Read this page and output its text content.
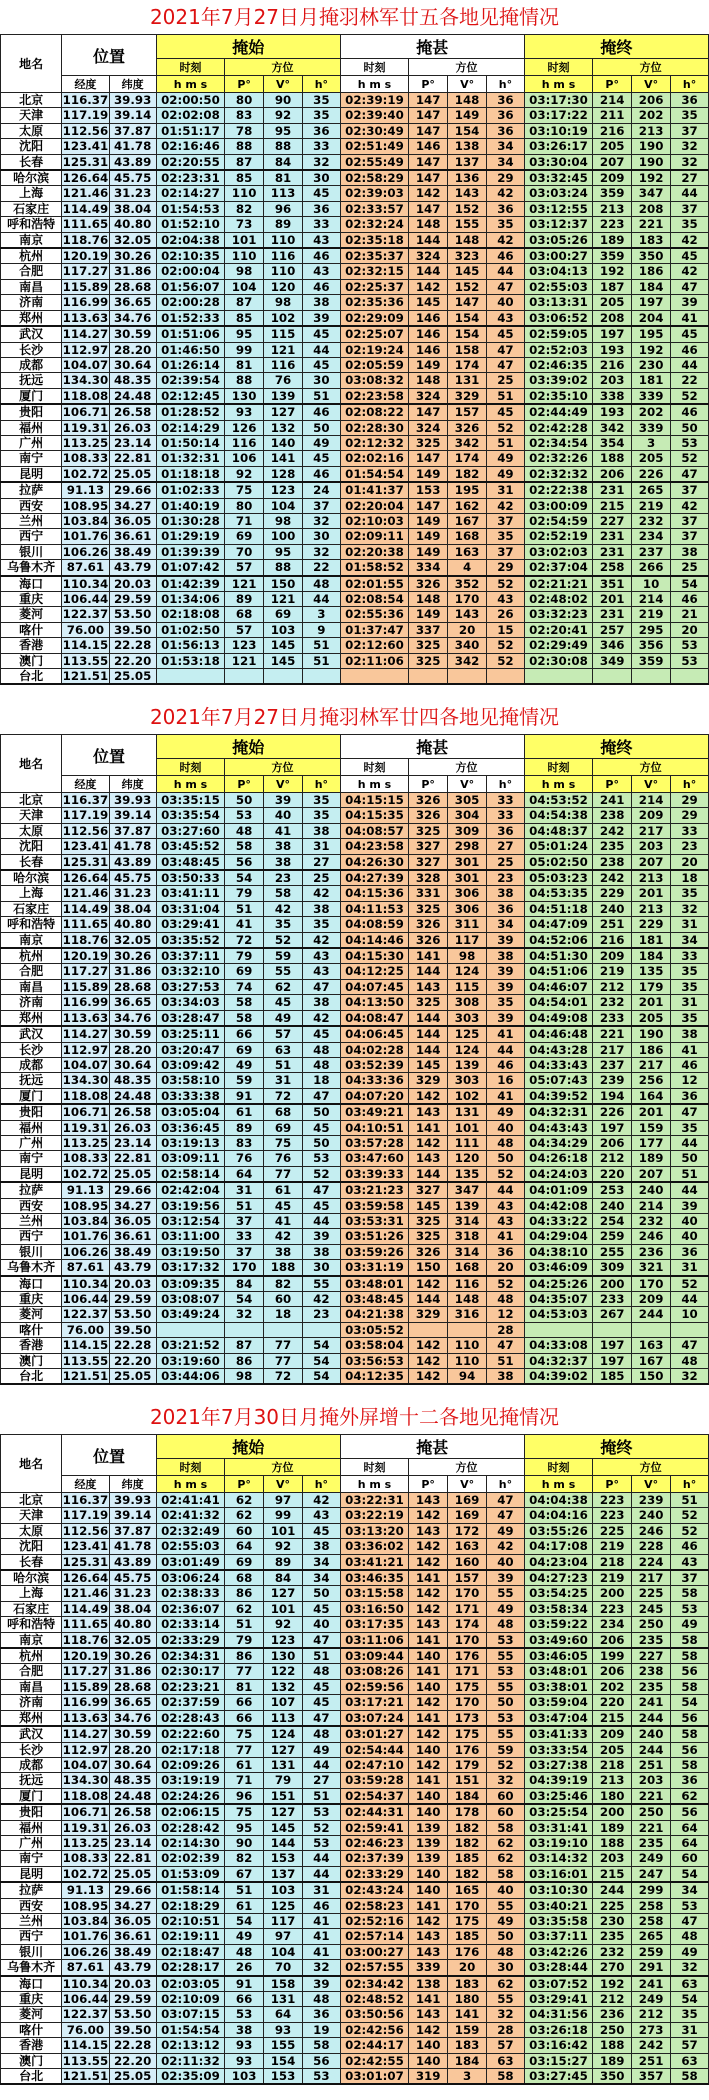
2021年7月27日月掩羽林军廿五各地见掩情况
地名	位置		掩始				掩甚				掩终			
			时刻	方位			时刻	方位			时刻	方位		
	经度	纬度	h m s	P°	V°	h°	h m s	P°	V°	h°	h m s	P°	V°	h°
北京	116.37	39.93	02:00:50	80	90	35	02:39:19	147	148	36	03:17:30	214	206	36
天津	117.19	39.14	02:02:08	83	92	35	02:39:40	147	149	36	03:17:22	211	202	35
太原	112.56	37.87	01:51:17	78	95	36	02:30:49	147	154	36	03:10:19	216	213	37
沈阳	123.41	41.78	02:16:46	88	88	33	02:51:49	146	138	34	03:26:17	205	190	32
长春	125.31	43.89	02:20:55	87	84	32	02:55:49	147	137	34	03:30:04	207	190	32
哈尔滨	126.64	45.75	02:23:31	85	81	30	02:58:29	147	136	29	03:32:45	209	192	27
上海	121.46	31.23	02:14:27	110	113	45	02:39:03	142	143	42	03:03:24	359	347	44
石家庄	114.49	38.04	01:54:53	82	96	36	02:33:57	147	152	36	03:12:55	213	208	37
呼和浩特	111.65	40.80	01:52:10	73	89	33	02:32:24	148	155	35	03:12:37	223	221	35
南京	118.76	32.05	02:04:38	101	110	43	02:35:18	144	148	42	03:05:26	189	183	42
杭州	120.19	30.26	02:10:35	110	116	46	02:35:37	324	323	46	03:00:27	359	350	45
合肥	117.27	31.86	02:00:04	98	110	43	02:32:15	144	145	44	03:04:13	192	186	42
南昌	115.89	28.68	01:56:07	104	120	46	02:25:37	142	152	47	02:55:03	187	184	47
济南	116.99	36.65	02:00:28	87	98	38	02:35:36	145	147	40	03:13:31	205	197	39
郑州	113.63	34.76	01:52:33	85	102	39	02:29:09	146	154	43	03:06:52	208	204	41
武汉	114.27	30.59	01:51:06	95	115	45	02:25:07	146	154	45	02:59:05	197	195	45
长沙	112.97	28.20	01:46:50	99	121	44	02:19:24	146	158	47	02:52:03	193	192	46
成都	104.07	30.64	01:26:14	81	116	45	02:05:59	149	174	47	02:46:35	216	230	44
抚远	134.30	48.35	02:39:54	88	76	30	03:08:32	148	131	25	03:39:02	203	181	22
厦门	118.08	24.48	02:12:45	130	139	51	02:23:58	324	329	51	02:35:10	338	339	52
贵阳	106.71	26.58	01:28:52	93	127	46	02:08:22	147	157	45	02:44:49	193	202	46
福州	119.31	26.03	02:14:29	126	132	50	02:28:30	324	326	52	02:42:28	342	339	50
广州	113.25	23.14	01:50:14	116	140	49	02:12:32	325	342	51	02:34:54	354	3	53
南宁	108.33	22.81	01:32:31	106	141	45	02:02:16	147	174	49	02:32:26	188	205	52
昆明	102.72	25.05	01:18:18	92	128	46	01:54:54	149	182	49	02:32:32	206	226	47
拉萨	91.13	29.66	01:02:33	75	123	24	01:41:37	153	195	31	02:22:38	231	265	37
西安	108.95	34.27	01:40:19	80	104	37	02:20:04	147	162	42	03:00:09	215	219	42
兰州	103.84	36.05	01:30:28	71	98	32	02:10:03	149	167	37	02:54:59	227	232	37
西宁	101.76	36.61	01:29:19	69	100	30	02:09:11	149	168	35	02:52:19	231	234	37
银川	106.26	38.49	01:39:39	70	95	32	02:20:38	149	163	37	03:02:03	231	237	38
乌鲁木齐	87.61	43.79	01:07:42	57	88	22	01:58:52	334	4	29	02:37:04	258	266	25
海口	110.34	20.03	01:42:39	121	150	48	02:01:55	326	352	52	02:21:21	351	10	54
重庆	106.44	29.59	01:34:06	89	121	44	02:08:54	148	170	43	02:48:02	201	214	46
菱河	122.37	53.50	02:18:08	68	69	3	02:55:36	149	143	26	03:32:23	231	219	21
喀什	76.00	39.50	01:02:50	57	103	9	01:37:47	337	20	15	02:20:41	257	295	20
香港	114.15	22.28	01:56:13	123	145	51	02:12:60	325	340	52	02:29:49	346	356	53
澳门	113.55	22.20	01:53:18	121	145	51	02:11:06	325	342	52	02:30:08	349	359	53
台北	121.51	25.05												
2021年7月27日月掩羽林军廿四各地见掩情况
地名	位置		掩始				掩甚				掩终			
			时刻	方位			时刻	方位			时刻	方位		
	经度	纬度	h m s	P°	V°	h°	h m s	P°	V°	h°	h m s	P°	V°	h°
北京	116.37	39.93	03:35:15	50	39	35	04:15:15	326	305	33	04:53:52	241	214	29
天津	117.19	39.14	03:35:54	53	40	35	04:15:35	326	304	33	04:54:38	238	209	29
太原	112.56	37.87	03:27:60	48	41	38	04:08:57	325	309	36	04:48:37	242	217	33
沈阳	123.41	41.78	03:45:52	58	38	31	04:23:58	327	298	27	05:01:24	235	203	23
长春	125.31	43.89	03:48:45	56	38	27	04:26:30	327	301	25	05:02:50	238	207	20
哈尔滨	126.64	45.75	03:50:33	54	23	25	04:27:39	328	301	23	05:03:23	242	213	18
上海	121.46	31.23	03:41:11	79	58	42	04:15:36	331	306	38	04:53:35	229	201	35
石家庄	114.49	38.04	03:31:04	51	42	38	04:11:53	325	306	36	04:51:18	240	213	32
呼和浩特	111.65	40.80	03:29:41	41	35	35	04:08:59	326	311	34	04:47:09	251	229	31
南京	118.76	32.05	03:35:52	72	52	42	04:14:46	326	117	39	04:52:06	216	181	34
杭州	120.19	30.26	03:37:11	79	59	43	04:15:30	141	98	38	04:51:30	209	184	33
合肥	117.27	31.86	03:32:10	69	55	43	04:12:25	144	124	39	04:51:06	219	135	35
南昌	115.89	28.68	03:27:53	74	62	47	04:07:45	143	115	39	04:46:07	212	179	35
济南	116.99	36.65	03:34:03	58	45	38	04:13:50	325	308	35	04:54:01	232	201	31
郑州	113.63	34.76	03:28:47	58	49	42	04:08:47	144	303	39	04:49:08	233	205	35
武汉	114.27	30.59	03:25:11	66	57	45	04:06:45	144	125	41	04:46:48	221	190	38
长沙	112.97	28.20	03:20:47	69	63	48	04:02:28	144	124	44	04:43:28	217	186	41
成都	104.07	30.64	03:09:42	49	51	48	03:52:39	145	139	46	04:33:43	237	217	46
抚远	134.30	48.35	03:58:10	59	31	18	04:33:36	329	303	16	05:07:43	239	256	12
厦门	118.08	24.48	03:33:38	91	72	47	04:07:20	142	102	41	04:39:52	194	164	36
贵阳	106.71	26.58	03:05:04	61	68	50	03:49:21	143	131	49	04:32:31	226	201	47
福州	119.31	26.03	03:36:45	89	69	45	04:10:51	141	101	40	04:43:43	197	159	35
广州	113.25	23.14	03:19:13	83	75	50	03:57:28	142	111	48	04:34:29	206	177	44
南宁	108.33	22.81	03:09:11	76	76	53	03:47:60	143	120	50	04:26:18	212	189	50
昆明	102.72	25.05	02:58:14	64	77	52	03:39:33	144	135	52	04:24:03	220	207	51
拉萨	91.13	29.66	02:42:04	31	61	47	03:21:23	327	347	44	04:01:09	253	240	44
西安	108.95	34.27	03:19:56	51	45	45	03:59:58	145	139	43	04:42:08	240	214	39
兰州	103.84	36.05	03:12:54	37	41	44	03:53:31	325	314	43	04:33:22	254	232	40
西宁	101.76	36.61	03:11:00	33	42	39	03:51:26	325	318	41	04:29:04	259	246	40
银川	106.26	38.49	03:19:50	37	38	38	03:59:26	326	314	36	04:38:10	255	236	36
乌鲁木齐	87.61	43.79	03:17:32	170	188	30	03:31:19	150	168	20	03:46:09	309	321	31
海口	110.34	20.03	03:09:35	84	82	55	03:48:01	142	116	52	04:25:26	200	170	52
重庆	106.44	29.59	03:08:07	54	60	42	03:48:45	144	148	48	04:35:07	233	209	44
菱河	122.37	53.50	03:49:24	32	18	23	04:21:38	329	316	12	04:53:03	267	244	10
喀什	76.00	39.50					03:05:52			28				
香港	114.15	22.28	03:21:52	87	77	54	03:58:04	142	110	47	04:33:08	197	163	47
澳门	113.55	22.20	03:19:60	86	77	54	03:56:53	142	110	51	04:32:37	197	167	48
台北	121.51	25.05	03:44:06	98	72	54	04:12:35	142	94	38	04:39:02	185	150	32
2021年7月30日月掩外屏增十二各地见掩情况
地名	位置		掩始				掩甚				掩终			
			时刻	方位			时刻	方位			时刻	方位		
	经度	纬度	h m s	P°	V°	h°	h m s	P°	V°	h°	h m s	P°	V°	h°
北京	116.37	39.93	02:41:41	62	97	42	03:22:31	143	169	47	04:04:38	223	239	51
天津	117.19	39.14	02:41:32	62	99	43	03:22:19	142	169	47	04:04:16	223	240	52
太原	112.56	37.87	02:32:49	60	101	45	03:13:20	143	172	49	03:55:26	225	246	52
沈阳	123.41	41.78	02:55:03	64	92	38	03:36:02	142	163	42	04:17:08	219	228	46
长春	125.31	43.89	03:01:49	69	89	34	03:41:21	142	160	40	04:23:04	218	224	43
哈尔滨	126.64	45.75	03:06:24	68	84	34	03:46:35	141	157	39	04:27:23	219	217	37
上海	121.46	31.23	02:38:33	86	127	50	03:15:58	142	170	55	03:54:25	200	225	58
石家庄	114.49	38.04	02:36:07	62	101	45	03:16:50	142	171	49	03:58:34	223	245	53
呼和浩特	111.65	40.80	02:33:14	51	92	40	03:17:35	143	174	48	03:59:22	234	250	49
南京	118.76	32.05	02:33:29	79	123	47	03:11:06	141	170	53	03:49:60	206	235	58
杭州	120.19	30.26	02:34:31	86	130	51	03:09:44	140	176	55	03:46:05	199	227	58
合肥	117.27	31.86	02:30:17	77	122	48	03:08:26	141	171	53	03:48:01	206	238	56
南昌	115.89	28.68	02:23:21	81	132	45	02:59:56	140	175	55	03:38:01	202	235	58
济南	116.99	36.65	02:37:59	66	107	45	03:17:21	142	170	50	03:59:04	220	241	54
郑州	113.63	34.76	02:28:43	66	113	47	03:07:24	141	173	53	03:47:04	215	244	56
武汉	114.27	30.59	02:22:60	75	124	48	03:01:27	142	175	55	03:41:33	209	240	58
长沙	112.97	28.20	02:17:18	77	127	49	02:54:44	140	176	59	03:33:54	205	244	56
成都	104.07	30.64	02:09:26	61	131	44	02:47:10	142	179	52	03:27:38	218	251	58
抚远	134.30	48.35	03:19:19	71	79	27	03:59:28	141	151	32	04:39:19	213	203	36
厦门	118.08	24.48	02:24:26	96	151	51	02:54:37	140	184	60	03:25:46	180	221	62
贵阳	106.71	26.58	02:06:15	75	127	53	02:44:31	140	178	60	03:25:54	200	250	56
福州	119.31	26.03	02:28:42	95	145	52	02:59:41	139	182	58	03:31:41	189	221	64
广州	113.25	23.14	02:14:30	90	144	53	02:46:23	139	182	62	03:19:10	188	235	64
南宁	108.33	22.81	02:02:39	82	153	44	02:37:39	139	185	62	03:14:32	203	249	60
昆明	102.72	25.05	01:53:09	67	137	44	02:33:29	140	182	58	03:16:01	215	247	54
拉萨	91.13	29.66	01:58:14	51	103	31	02:43:24	140	165	40	03:10:30	244	299	34
西安	108.95	34.27	02:18:29	61	125	46	02:58:23	141	170	55	03:40:21	225	258	53
兰州	103.84	36.05	02:10:51	54	117	41	02:52:16	142	175	49	03:35:58	230	258	47
西宁	101.76	36.61	02:19:11	49	97	41	02:57:14	143	185	50	03:37:11	235	265	48
银川	106.26	38.49	02:18:47	48	104	41	03:00:27	143	176	48	03:42:26	232	259	49
乌鲁木齐	87.61	43.79	02:28:17	26	70	32	02:57:55	339	20	30	03:28:44	270	291	32
海口	110.34	20.03	02:03:05	91	158	39	02:34:42	138	183	62	03:07:52	192	241	63
重庆	106.44	29.59	02:10:09	66	131	48	02:48:52	141	180	55	03:29:41	212	249	54
菱河	122.37	53.50	03:07:15	53	64	36	03:50:56	143	141	32	04:31:56	236	212	35
喀什	76.00	39.50	01:54:54	38	93	19	02:42:56	142	159	28	03:26:18	250	273	31
香港	114.15	22.28	02:13:12	93	155	58	02:44:17	140	183	57	03:16:42	188	242	57
澳门	113.55	22.20	02:11:32	93	154	56	02:42:55	140	184	63	03:15:27	189	251	63
台北	121.51	25.05	02:35:09	103	153	53	03:01:07	319	3	58	03:27:45	350	357	58
